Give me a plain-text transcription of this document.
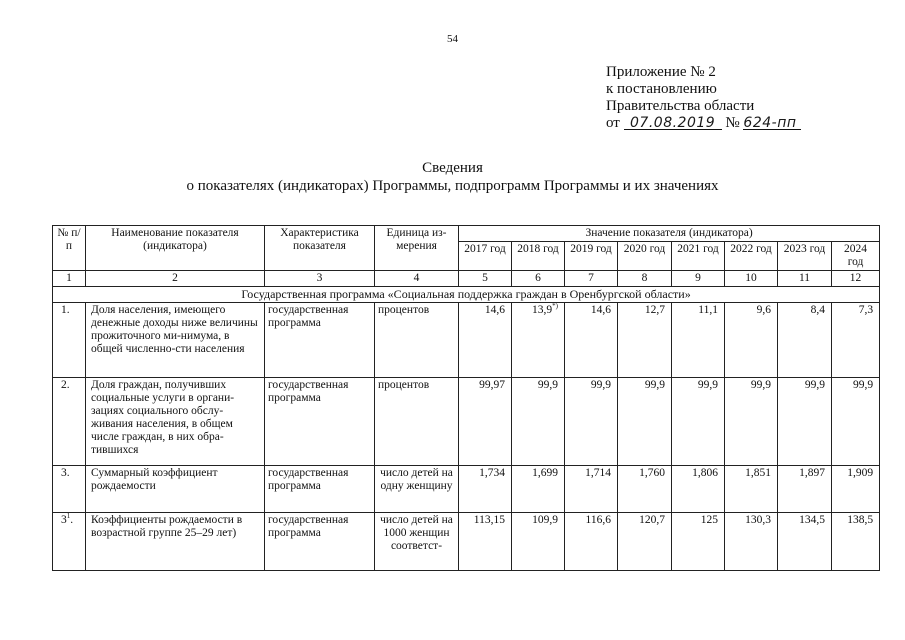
54
Приложение № 2
к постановлению
Правительства области
от 07.08.2019 № 624-пп
Сведения
о показателях (индикаторах) Программы, подпрограмм Программы и их значениях
№ п/п	Наименование показателя (индикатора)	Характеристика показателя	Единица из-мерения	Значение показателя (индикатора)							
				2017 год	2018 год	2019 год	2020 год	2021 год	2022 год	2023 год	2024 год
1	2	3	4	5	6	7	8	9	10	11	12
Государственная программа «Социальная поддержка граждан в Оренбургской области»											
1.	Доля населения, имеющего денежные доходы ниже величины прожиточного ми-нимума, в общей численно-сти населения	государственная программа	процентов	14,6	13,9*)	14,6	12,7	11,1	9,6	8,4	7,3
2.	Доля граждан, получивших социальные услуги в органи-зациях социального обслу-живания населения, в общем числе граждан, в них обра-тившихся	государственная программа	процентов	99,97	99,9	99,9	99,9	99,9	99,9	99,9	99,9
3.	Суммарный коэффициент рождаемости	государственная программа	число детей на одну женщину	1,734	1,699	1,714	1,760	1,806	1,851	1,897	1,909
$3^1$.	Коэффициенты рождаемости в возрастной группе 25–29 лет)	государственная программа	число детей на 1000 женщин соответст-	113,15	109,9	116,6	120,7	125	130,3	134,5	138,5
